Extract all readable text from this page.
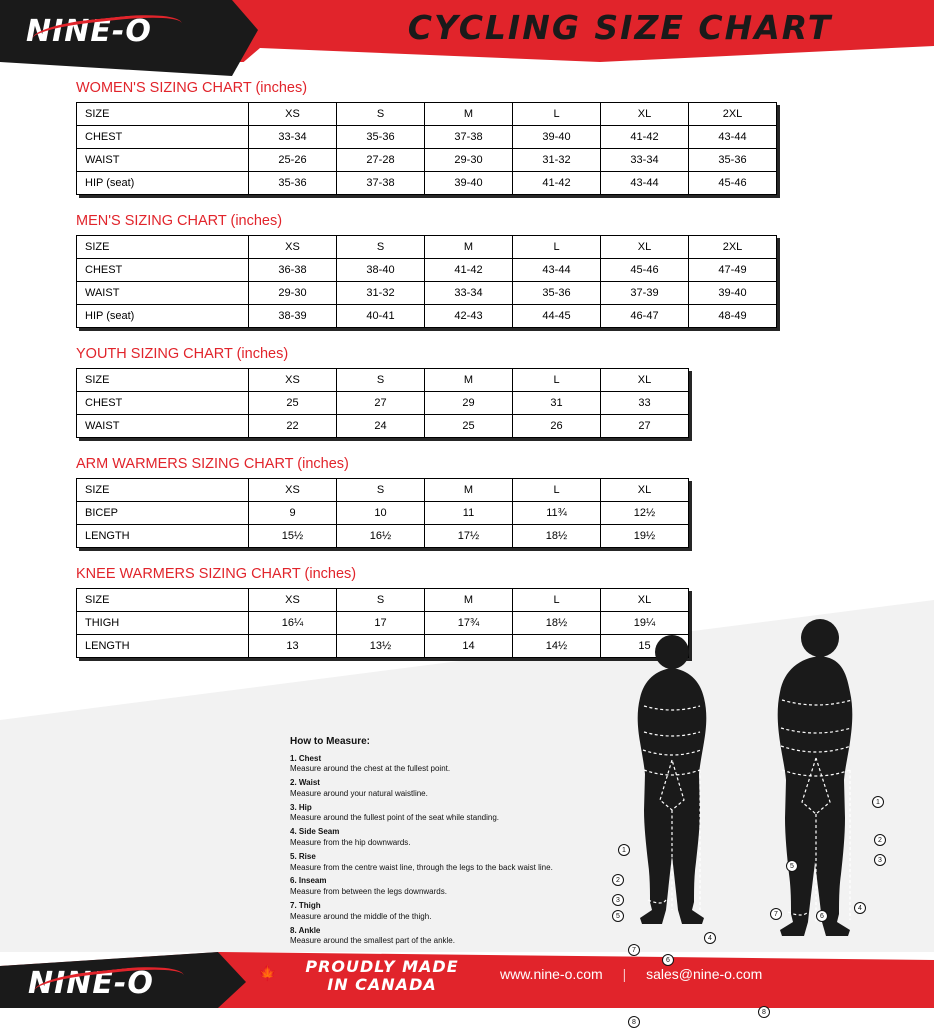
NINE-O	CYCLING SIZE CHART
WOMEN'S SIZING CHART (inches)
SIZE	XS	S	M	L	XL	2XL
CHEST	33-34	35-36	37-38	39-40	41-42	43-44
WAIST	25-26	27-28	29-30	31-32	33-34	35-36
HIP (seat)	35-36	37-38	39-40	41-42	43-44	45-46
MEN'S SIZING CHART (inches)
SIZE	XS	S	M	L	XL	2XL
CHEST	36-38	38-40	41-42	43-44	45-46	47-49
WAIST	29-30	31-32	33-34	35-36	37-39	39-40
HIP (seat)	38-39	40-41	42-43	44-45	46-47	48-49
YOUTH SIZING CHART (inches)
SIZE	XS	S	M	L	XL
CHEST	25	27	29	31	33
WAIST	22	24	25	26	27
ARM WARMERS SIZING CHART (inches)
SIZE	XS	S	M	L	XL
BICEP	9	10	11	11¾	12½
LENGTH	15½	16½	17½	18½	19½
KNEE WARMERS SIZING CHART (inches)
SIZE	XS	S	M	L	XL
THIGH	16¼	17	17¾	18½	19¼
LENGTH	13	13½	14	14½	15
How to Measure:
1. Chest

Measure around the chest at the fullest point.

2. Waist

Measure around your natural waistline.

3. Hip

Measure around the fullest point of the seat while standing.

4. Side Seam

Measure from the hip downwards.

5. Rise

Measure from the centre waist line, through the legs to the back waist line.

6. Inseam

Measure from between the legs downwards.

7. Thigh

Measure around the middle of the thigh.

8. Ankle

Measure around the smallest part of the ankle.

1
2
3
5
4
7
6
8
1
2
3
5
4
7	6
8
NINE-O	🍁	PROUDLY MADE
IN CANADA
www.nine-o.com | sales@nine-o.com
